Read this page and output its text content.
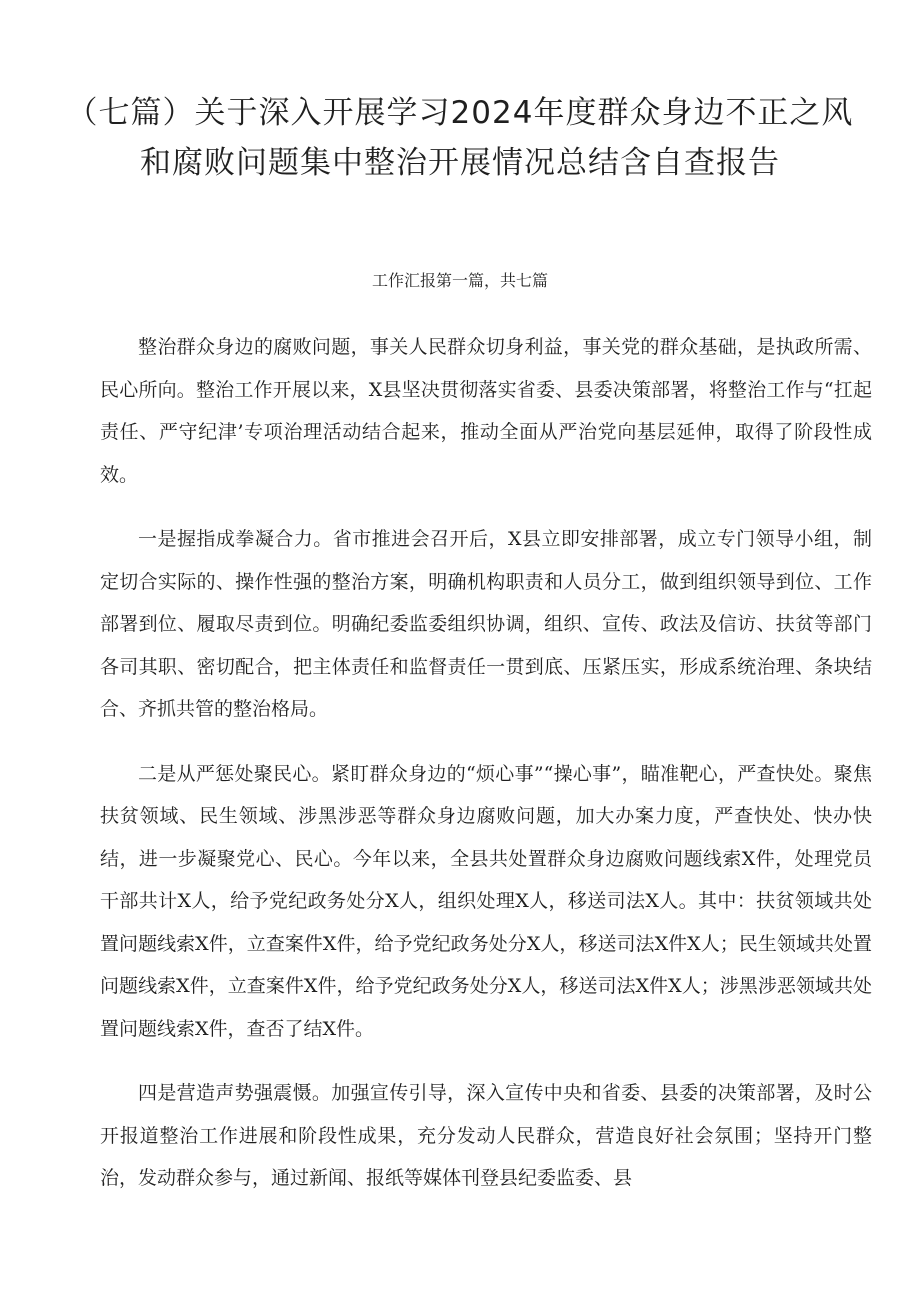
（七篇）关于深入开展学习2024年度群众身边不正之风和腐败问题集中整治开展情况总结含自查报告

工作汇报第一篇，共七篇

整治群众身边的腐败问题，事关人民群众切身利益，事关党的群众基础，是执政所需、民心所向。整治工作开展以来，X县坚决贯彻落实省委、县委决策部署，将整治工作与“扛起责任、严守纪津’专项治理活动结合起来，推动全面从严治党向基层延伸，取得了阶段性成效。

一是握指成拳凝合力。省市推进会召开后，X县立即安排部署，成立专门领导小组，制定切合实际的、操作性强的整治方案，明确机构职责和人员分工，做到组织领导到位、工作部署到位、履取尽责到位。明确纪委监委组织协调，组织、宣传、政法及信访、扶贫等部门各司其职、密切配合，把主体责任和监督责任一贯到底、压紧压实，形成系统治理、条块结合、齐抓共管的整治格局。

二是从严惩处聚民心。紧盯群众身边的“烦心事”“操心事”，瞄准靶心，严查快处。聚焦扶贫领域、民生领域、涉黑涉恶等群众身边腐败问题，加大办案力度，严查快处、快办快结，进一步凝聚党心、民心。今年以来，全县共处置群众身边腐败问题线索X件，处理党员干部共计X人，给予党纪政务处分X人，组织处理X人，移送司法X人。其中：扶贫领域共处置问题线索X件，立查案件X件，给予党纪政务处分X人，移送司法X件X人；民生领域共处置问题线索X件，立查案件X件，给予党纪政务处分X人，移送司法X件X人；涉黑涉恶领域共处置问题线索X件，查否了结X件。

四是营造声势强震慑。加强宣传引导，深入宣传中央和省委、县委的决策部署，及时公开报道整治工作进展和阶段性成果，充分发动人民群众，营造良好社会氛围；坚持开门整治，发动群众参与，通过新闻、报纸等媒体刊登县纪委监委、县
